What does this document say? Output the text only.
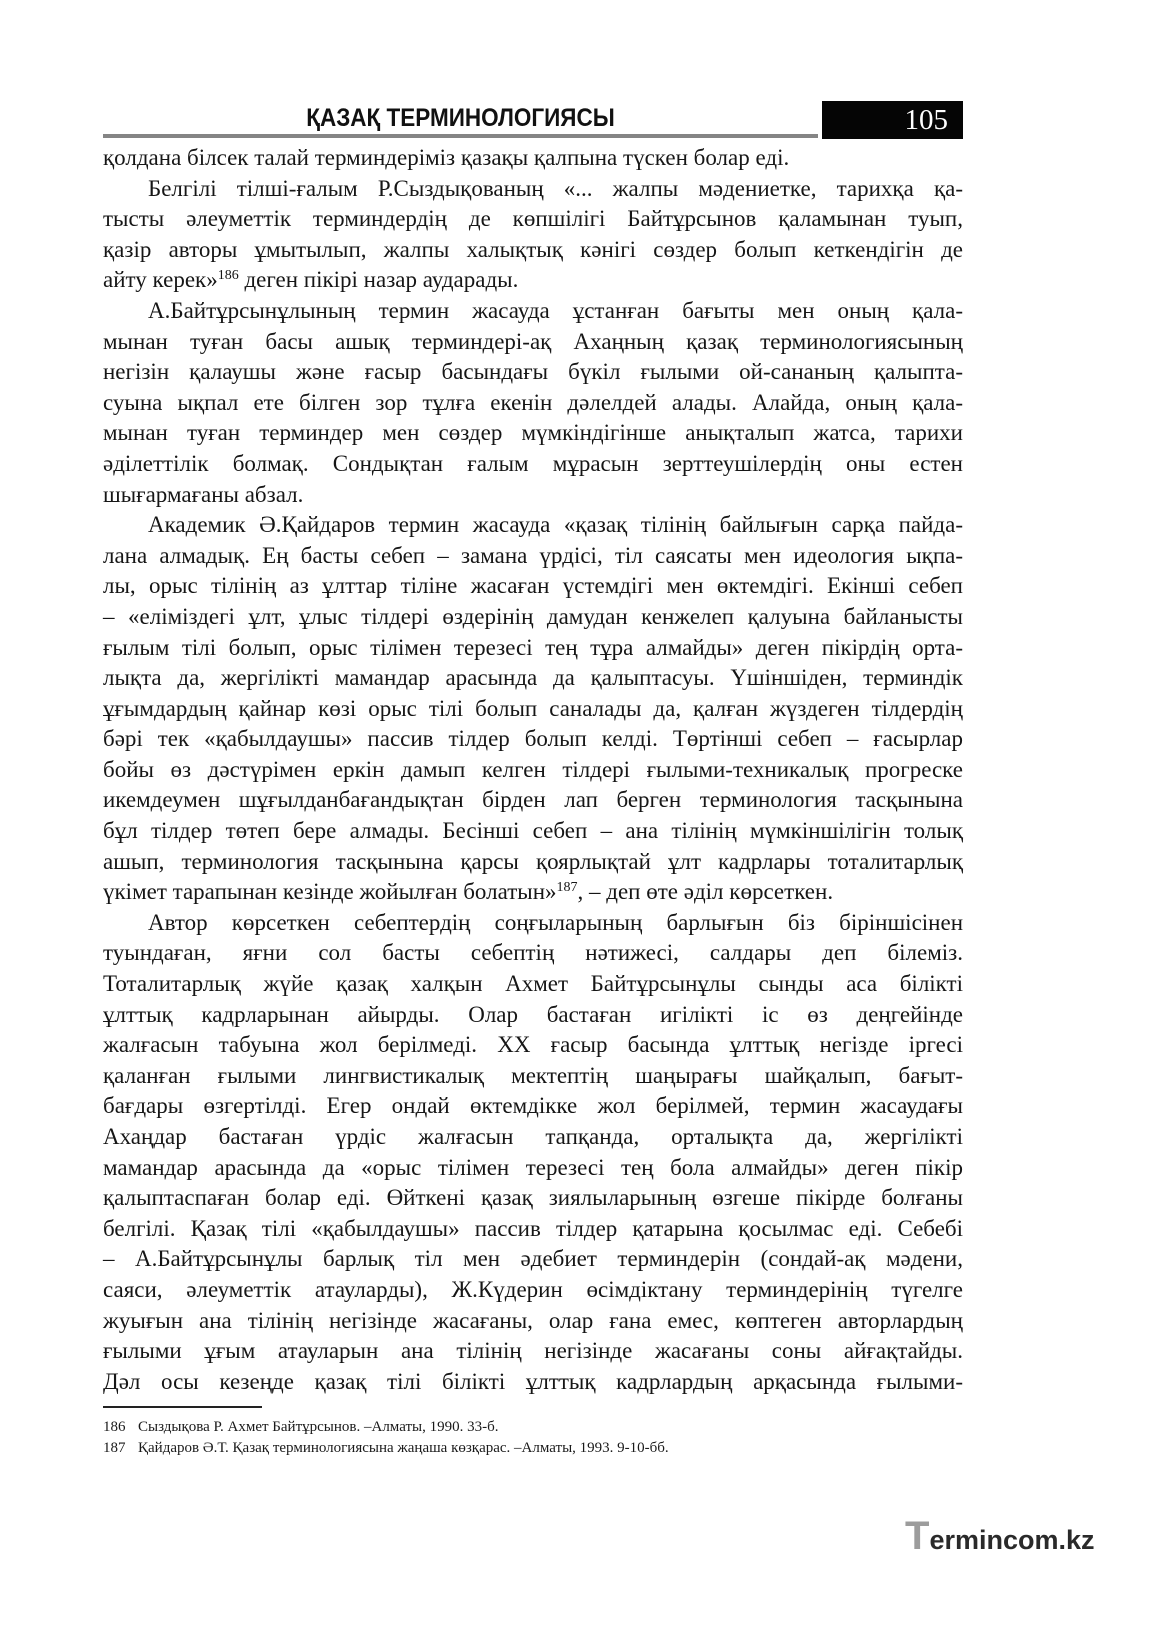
ҚАЗАҚ ТЕРМИНОЛОГИЯСЫ	105
қолдана білсек талай терминдеріміз қазақы қалпына түскен болар еді.
Белгілі тілші-ғалым Р.Сыздықованың «... жалпы мәдениетке, тарихқа қа-
тысты әлеуметтік терминдердің де көпшілігі Байтұрсынов қаламынан туып,
қазір авторы ұмытылып, жалпы халықтық кәнігі сөздер болып кеткендігін де
айту керек»$^{186}$ деген пікірі назар аударады.
А.Байтұрсынұлының термин жасауда ұстанған бағыты мен оның қала-
мынан туған басы ашық терминдері-ақ Ахаңның қазақ терминологиясының
негізін қалаушы және ғасыр басындағы бүкіл ғылыми ой-сананың қалыпта-
суына ықпал ете білген зор тұлға екенін дәлелдей алады. Алайда, оның қала-
мынан туған терминдер мен сөздер мүмкіндігінше анықталып жатса, тарихи
әділеттілік болмақ. Сондықтан ғалым мұрасын зерттеушілердің оны естен
шығармағаны абзал.
Академик Ә.Қайдаров термин жасауда «қазақ тілінің байлығын сарқа пайда-
лана алмадық. Ең басты себеп – замана үрдісі, тіл саясаты мен идеология ықпа-
лы, орыс тілінің аз ұлттар тіліне жасаған үстемдігі мен өктемдігі. Екінші себеп
– «еліміздегі ұлт, ұлыс тілдері өздерінің дамудан кенжелеп қалуына байланысты
ғылым тілі болып, орыс тілімен терезесі тең тұра алмайды» деген пікірдің орта-
лықта да, жергілікті мамандар арасында да қалыптасуы. Үшіншіден, терминдік
ұғымдардың қайнар көзі орыс тілі болып саналады да, қалған жүздеген тілдердің
бәрі тек «қабылдаушы» пассив тілдер болып келді. Төртінші себеп – ғасырлар
бойы өз дәстүрімен еркін дамып келген тілдері ғылыми-техникалық прогреске
икемдеумен шұғылданбағандықтан бірден лап берген терминология тасқынына
бұл тілдер төтеп бере алмады. Бесінші себеп – ана тілінің мүмкіншілігін толық
ашып, терминология тасқынына қарсы қоярлықтай ұлт кадрлары тоталитарлық
үкімет тарапынан кезінде жойылған болатын»$^{187}$, – деп өте әділ көрсеткен.
Автор көрсеткен себептердің соңғыларының барлығын біз біріншісінен
туындаған, яғни сол басты себептің нәтижесі, салдары деп білеміз.
Тоталитарлық жүйе қазақ халқын Ахмет Байтұрсынұлы сынды аса білікті
ұлттық кадрларынан айырды. Олар бастаған игілікті іс өз деңгейінде
жалғасын табуына жол берілмеді. ХХ ғасыр басында ұлттық негізде іргесі
қаланған ғылыми лингвистикалық мектептің шаңырағы шайқалып, бағыт-
бағдары өзгертілді. Егер ондай өктемдікке жол берілмей, термин жасаудағы
Ахаңдар бастаған үрдіс жалғасын тапқанда, орталықта да, жергілікті
мамандар арасында да «орыс тілімен терезесі тең бола алмайды» деген пікір
қалыптаспаған болар еді. Өйткені қазақ зиялыларының өзгеше пікірде болғаны
белгілі. Қазақ тілі «қабылдаушы» пассив тілдер қатарына қосылмас еді. Себебі
– А.Байтұрсынұлы барлық тіл мен әдебиет терминдерін (сондай-ақ мәдени,
саяси, әлеуметтік атауларды), Ж.Күдерин өсімдіктану терминдерінің түгелге
жуығын ана тілінің негізінде жасағаны, олар ғана емес, көптеген авторлардың
ғылыми ұғым атауларын ана тілінің негізінде жасағаны соны айғақтайды.
Дәл осы кезеңде қазақ тілі білікті ұлттық кадрлардың арқасында ғылыми-
186 Сыздықова Р. Ахмет Байтұрсынов. –Алматы, 1990. 33-б.
187 Қайдаров Ә.Т. Қазақ терминологиясына жаңаша көзқарас. –Алматы, 1993. 9-10-бб.
Termincom.kz
